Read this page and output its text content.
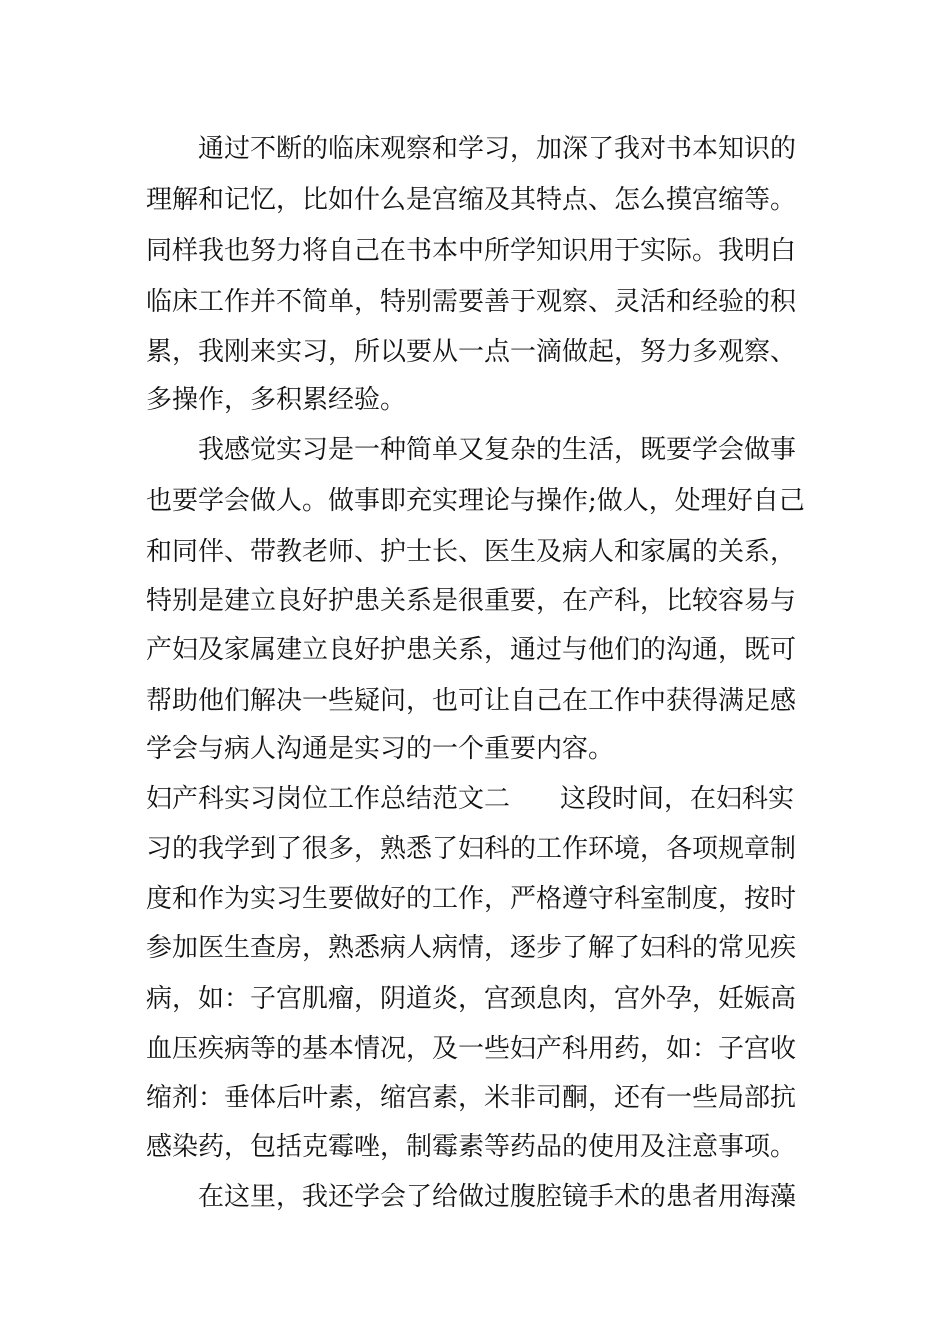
通过不断的临床观察和学习，加深了我对书本知识的

理解和记忆，比如什么是宫缩及其特点、怎么摸宫缩等。

同样我也努力将自己在书本中所学知识用于实际。我明白

临床工作并不简单，特别需要善于观察、灵活和经验的积

累，我刚来实习，所以要从一点一滴做起，努力多观察、

多操作，多积累经验。

我感觉实习是一种简单又复杂的生活，既要学会做事

也要学会做人。做事即充实理论与操作;做人，处理好自己

和同伴、带教老师、护士长、医生及病人和家属的关系，

特别是建立良好护患关系是很重要，在产科，比较容易与

产妇及家属建立良好护患关系，通过与他们的沟通，既可

帮助他们解决一些疑问，也可让自己在工作中获得满足感

学会与病人沟通是实习的一个重要内容。

妇产科实习岗位工作总结范文二 这段时间，在妇科实

习的我学到了很多，熟悉了妇科的工作环境，各项规章制

度和作为实习生要做好的工作，严格遵守科室制度，按时

参加医生查房，熟悉病人病情，逐步了解了妇科的常见疾

病，如：子宫肌瘤，阴道炎，宫颈息肉，宫外孕，妊娠高

血压疾病等的基本情况，及一些妇产科用药，如：子宫收

缩剂：垂体后叶素，缩宫素，米非司酮，还有一些局部抗

感染药，包括克霉唑，制霉素等药品的使用及注意事项。

在这里，我还学会了给做过腹腔镜手术的患者用海藻
